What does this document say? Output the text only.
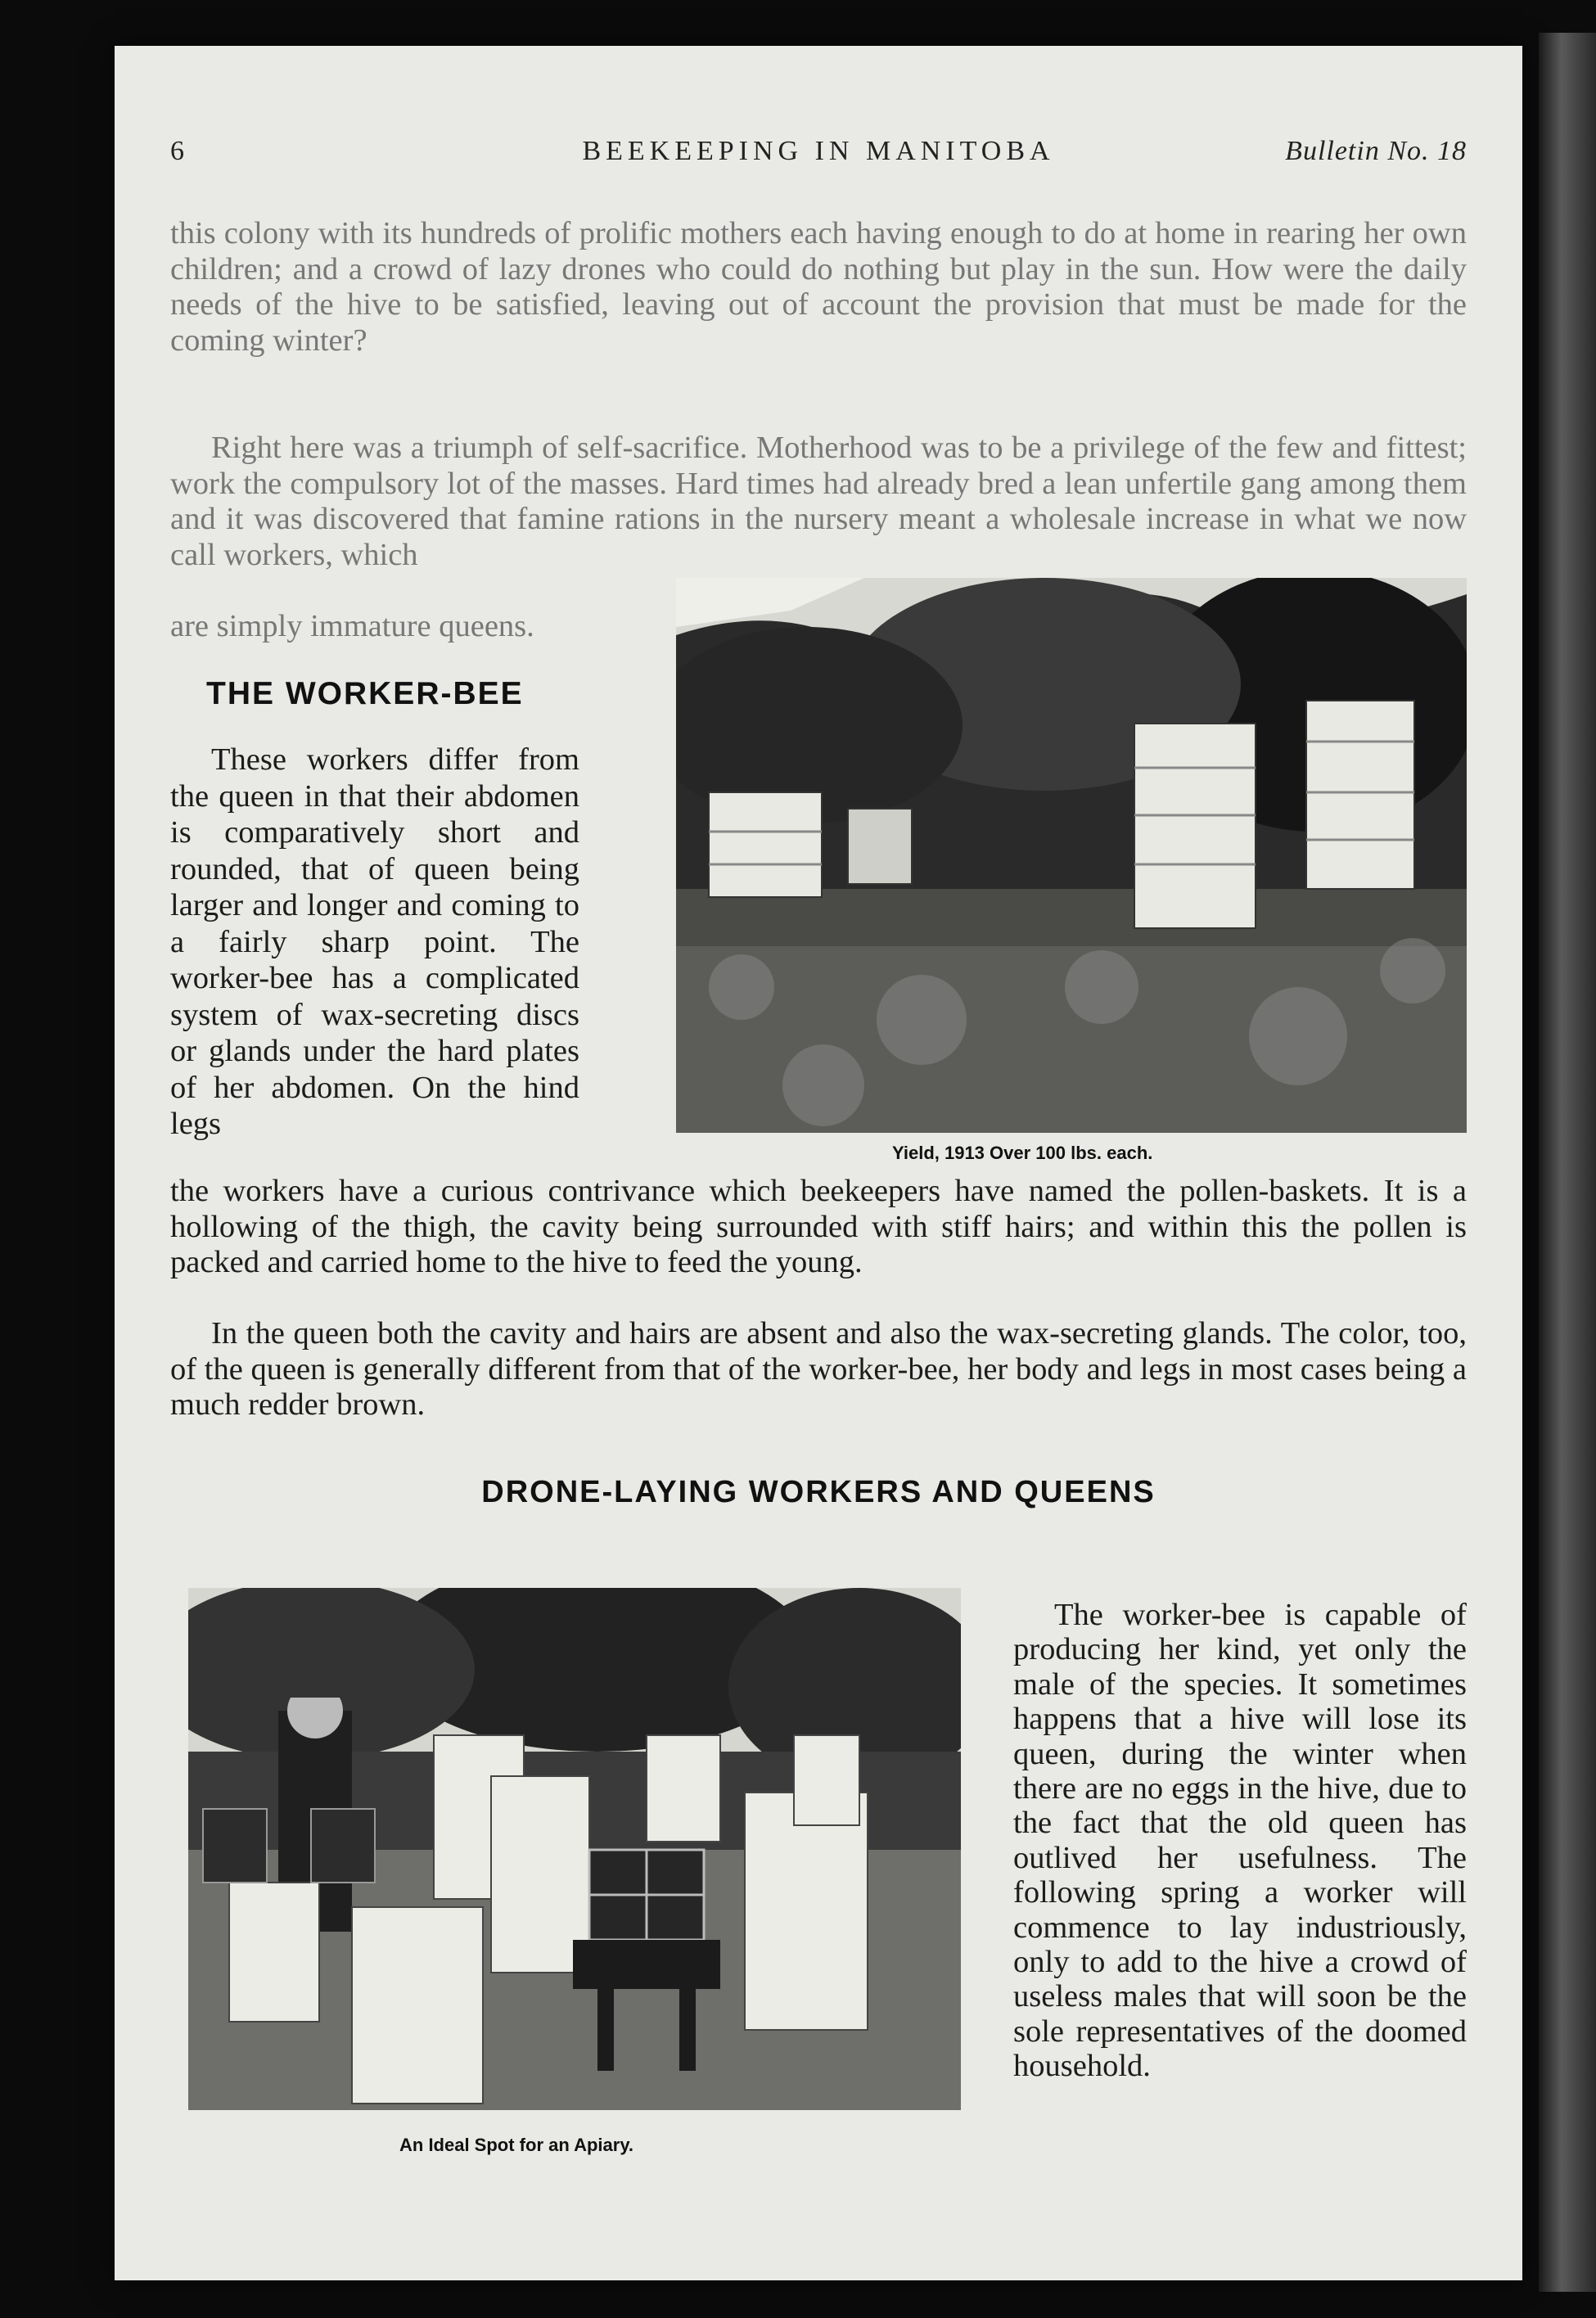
6	BEEKEEPING IN MANITOBA	Bulletin No. 18

this colony with its hundreds of prolific mothers each having enough to do at home in rearing her own children; and a crowd of lazy drones who could do nothing but play in the sun. How were the daily needs of the hive to be satisfied, leaving out of account the provision that must be made for the coming winter?

Right here was a triumph of self-sacrifice. Motherhood was to be a privilege of the few and fittest; work the compulsory lot of the masses. Hard times had already bred a lean unfertile gang among them and it was discovered that famine rations in the nursery meant a wholesale increase in what we now call workers, which

are simply immature queens.

THE WORKER-BEE

These workers differ from the queen in that their abdomen is comparatively short and rounded, that of queen being larger and longer and coming to a fairly sharp point. The worker-bee has a complicated system of wax-secreting discs or glands under the hard plates of her abdomen. On the hind legs

Yield, 1913 Over 100 lbs. each.

the workers have a curious contrivance which beekeepers have named the pollen-baskets. It is a hollowing of the thigh, the cavity being surrounded with stiff hairs; and within this the pollen is packed and carried home to the hive to feed the young.

In the queen both the cavity and hairs are absent and also the wax-secreting glands. The color, too, of the queen is generally different from that of the worker-bee, her body and legs in most cases being a much redder brown.

DRONE-LAYING WORKERS AND QUEENS
An Ideal Spot for an Apiary.

The worker-bee is capable of producing her kind, yet only the male of the species. It sometimes happens that a hive will lose its queen, during the winter when there are no eggs in the hive, due to the fact that the old queen has outlived her usefulness. The following spring a worker will commence to lay industriously, only to add to the hive a crowd of useless males that will soon be the sole representatives of the doomed household.
